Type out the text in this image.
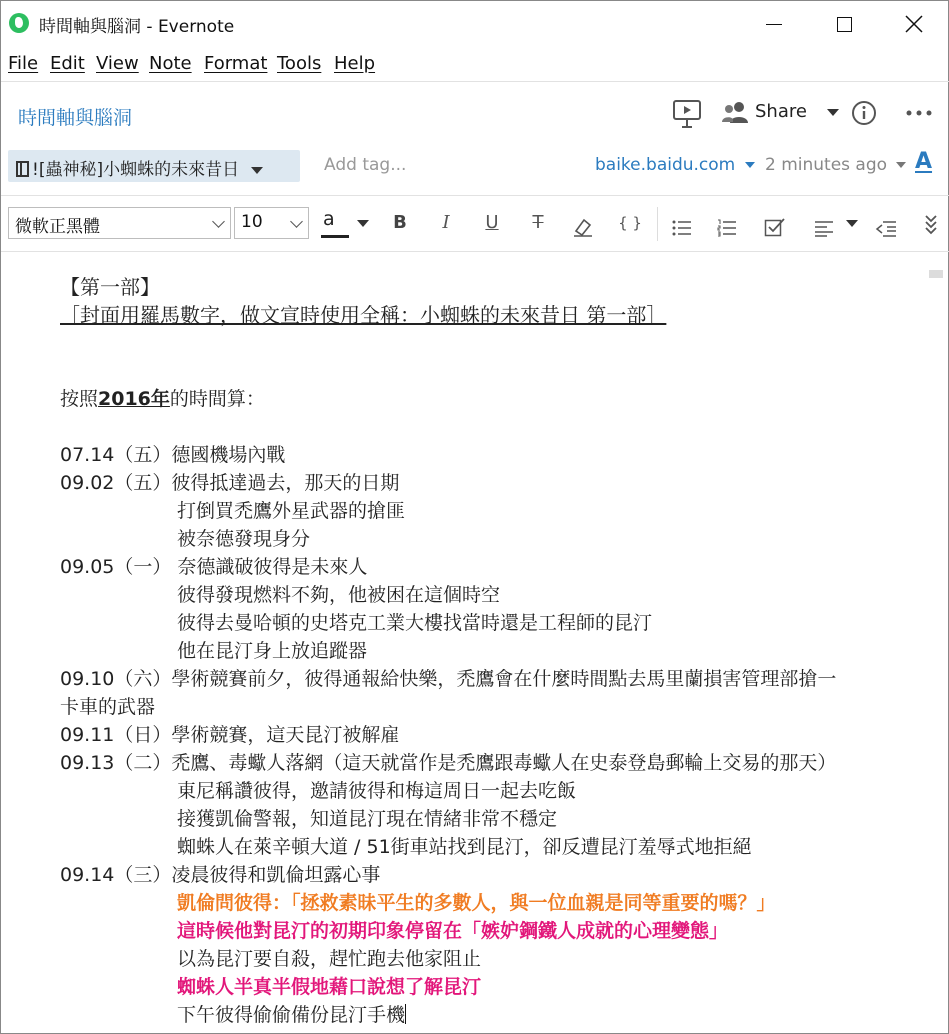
時間軸與腦洞 - Evernote
File Edit View Note Format Tools Help
時間軸與腦洞	Share
![蟲神秘]小蜘蛛的未來昔日	Add tag...	baike.baidu.com	2 minutes ago	A
微軟正黑體	10	a	B	I	U	T	{ }
【第一部】
［封面用羅馬數字，做文宣時使用全稱：小蜘蛛的未來昔日 第一部］
按照2016年的時間算：
07.14（五）德國機場內戰
09.02（五）彼得抵達過去，那天的日期
打倒買禿鷹外星武器的搶匪
被奈德發現身分
09.05（一） 奈德識破彼得是未來人
彼得發現燃料不夠，他被困在這個時空
彼得去曼哈頓的史塔克工業大樓找當時還是工程師的昆汀
他在昆汀身上放追蹤器
09.10（六）學術競賽前夕，彼得通報給快樂，禿鷹會在什麼時間點去馬里蘭損害管理部搶一
卡車的武器
09.11（日）學術競賽，這天昆汀被解雇
09.13（二）禿鷹、毒蠍人落網（這天就當作是禿鷹跟毒蠍人在史泰登島郵輪上交易的那天）
東尼稱讚彼得，邀請彼得和梅這周日一起去吃飯
接獲凱倫警報，知道昆汀現在情緒非常不穩定
蜘蛛人在萊辛頓大道 / 51街車站找到昆汀，卻反遭昆汀羞辱式地拒絕
09.14（三）凌晨彼得和凱倫坦露心事
凱倫問彼得：「拯救素昧平生的多數人，與一位血親是同等重要的嗎？」
這時候他對昆汀的初期印象停留在「嫉妒鋼鐵人成就的心理變態」
以為昆汀要自殺，趕忙跑去他家阻止
蜘蛛人半真半假地藉口說想了解昆汀
下午彼得偷偷備份昆汀手機
